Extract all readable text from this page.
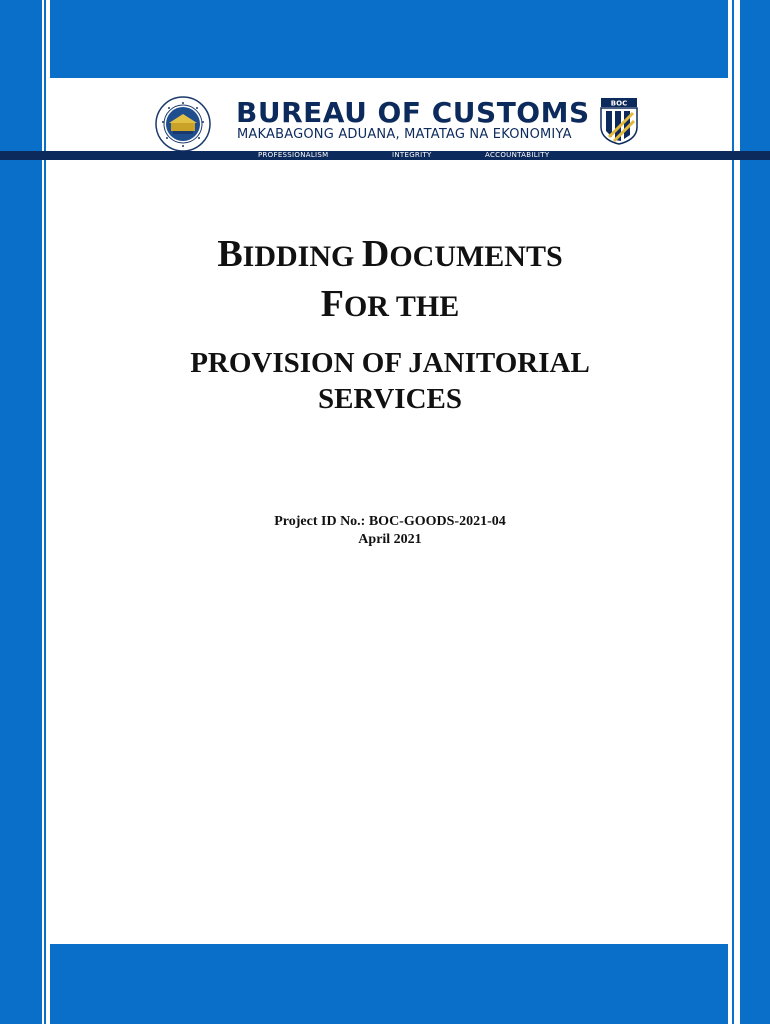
BUREAU OF CUSTOMS
MAKABAGONG ADUANA, MATATAG NA EKONOMIYA
BOC
PROFESSIONALISM	INTEGRITY	ACCOUNTABILITY
BIDDING DOCUMENTS
FOR THE
PROVISION OF JANITORIAL
SERVICES
Project ID No.: BOC-GOODS-2021-04
April 2021
